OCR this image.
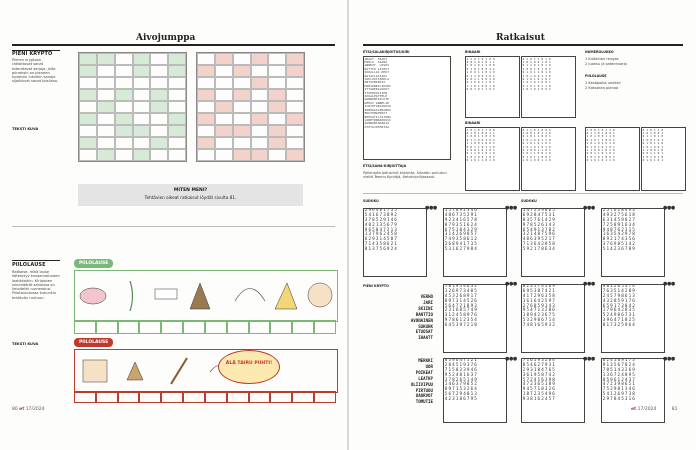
Aivojumppa
PIENI KRYPTO
Pienen kryptoon ratkottavat sanat toteuttavat sarjoja, joita piirroksin on pieneen kyseisiin lukuihin sanoja sijoittuvat sanat toisiinsa.
TEKSTI KUVA
MITEN MENI?
Tehtävien oikeat ratkaisut löydät sivulta 81.
PIILOLAUSE
Ratkaise, mikä lause kätkeytyy kuvaarvoitusten laatikkoihin. Kirjainten lukumäärät sanoissa on ilmoitettu numeroina. Piilotaulukossa kuhunkin tehtävän ruutuun.
TEKSTI KUVA
PIILOLAUSE
PIILOLAUSE
ÄLÄ TAIRU PUHTI!
80 et 17/2024
Ratkaisut
ETSI/SALAKIRJOITUS/KIRI
GRAAT  HIAKT
MIHLA  ASANA
ANNEAT  LOSEI
RATTIO LAYOUT
SOKALLAS DEUT
NATAILAATAKA
JUPLOOTATRELA
ANTSIBIRDTA
MARIANKILIPARI
ITTARKKALUKUT
STOPPOOLITKN
IKUALPATTELE
SUNNUNTAILUTE
UEEAT ANNELIH
ILRSOTAELOKUVA
OONKKAALERANKA
EKOTOMAHTKOT
NOPSATILTAJUNA
LUNETRNSDOKUSI
SUNNUNTAKARJO
OTOTAJOTMATAA
ETSI/SANA-KIRJOITTAJA
Palkintokirjoitusrivit-kirjainta. Sitaatin puhutun vieltä Teemu Kyntäjä, tietokirjailijasanoi.
BINAARI
1 1 0 1 0 1 0 0
0 0 1 0 1 0 1 1
1 0 1 0 1 1 0 0
0 1 0 1 0 0 1 1
1 0 0 1 1 0 1 0
0 1 1 0 0 1 0 1
1 0 1 1 0 0 1 0
0 1 0 0 1 1 0 1
1 1 0 1 0 0 1 0
0 0 1 0 1 1 0 1
0 1 0 1 1 0 1 0
1 0 1 0 0 1 0 1
0 1 1 0 1 0 1 0
1 0 0 1 0 1 0 1
0 1 0 1 1 0 1 0
1 0 1 0 0 1 1 0
0 1 0 1 0 1 0 1
1 0 1 0 1 0 0 1
0 1 0 1 0 1 1 0
1 0 1 0 1 0 0 1
BINAARI
1 0 1 0 1 1 0 0
0 1 0 1 0 0 1 1
1 0 0 1 1 0 1 0
0 1 1 0 0 1 0 1
1 1 0 0 1 0 0 1
0 0 1 1 0 1 1 0
1 0 0 1 0 1 0 1
0 1 1 0 1 0 1 0
1 0 1 0 0 1 0 1
0 1 0 1 1 0 1 0
0 1 1 0 1 0 0 1
1 0 0 1 0 1 1 0
0 1 0 1 1 0 0 1
1 0 1 0 0 1 1 0
0 1 0 1 0 1 0 1
1 0 1 0 1 0 1 0
0 1 0 0 1 1 0 1
1 0 1 1 0 0 1 0
0 1 0 1 1 0 0 1
1 0 1 0 0 1 1 0
NUMEROLUKKO
1 Kultainen rengas
2 Juoksu ja sateenvarjo
PIILOLAUSE
1 Kesäpoika uneksii
2 Katsokaa pianoa
1 0 0 1 0 1 1 0
0 1 1 0 1 0 0 1
1 0 1 0 0 1 1 0
0 1 0 1 1 0 0 1
1 0 1 0 1 0 1 0
0 1 0 1 0 1 0 1
1 1 0 0 1 0 1 0
0 0 1 1 0 1 0 1
1 0 1 0 1 0 0 1
0 1 0 1 0 1 1 0
0 1 0 1 1 0
1 0 1 0 0 1
0 1 1 0 1 0
1 0 0 1 0 1
0 1 0 1 1 0
1 0 1 0 0 1
1 1 0 0 1 0
0 0 1 1 0 1
1 0 1 0 1 0
0 1 0 1 0 1
SUDOKU
296481735
541673892
378529146
482135679
965847213
137962458
629314587
714358621
813756924
●●●	157892346
486735291
923416578
879351624
675184329
314269857
749358612
268941735
531627984
●●●
SUDOKU
147239865
692847531
835761429
978526143
654913782
321487596
486395217
713642958
592178634
●●●	257618493
493275618
631459827
725891634
948762315
163542978
892174356
376985142
514236789
●●●
PIENI KRYPTO
VERHO
JARI
SKIINI
RANTTIO
AVONAINEN
SUKUHK
ETUOSAT
IHAATT
MERKKI
UOR
POIKEAT
LEATKP
OLIIVIPUU
PIRTUOU
UAORVOT
TOMUTIE
781954632
126973485
453268917
897314526
564721893
231685749
312458976
978612354
645397218
●●●	823574169
695387421
417296358
361642597
276859143
954713286
189423675
532986714
748165932
●●●	981265374
763514289
245798613
432859176
659173842
179642835
524986731
396471825
817325964
●●●
839647521
284519376
715823946
952481637
378265149
146379852
897153264
567294813
423186795
●●●	716593284
854627931
293184765
361958742
572416398
472365189
945718326
187235496
938162457
●●●	624589173
913567824
785143269
136724895
859612437
472398651
752981346
541269738
297845316
●●●
et 17/2024	81
